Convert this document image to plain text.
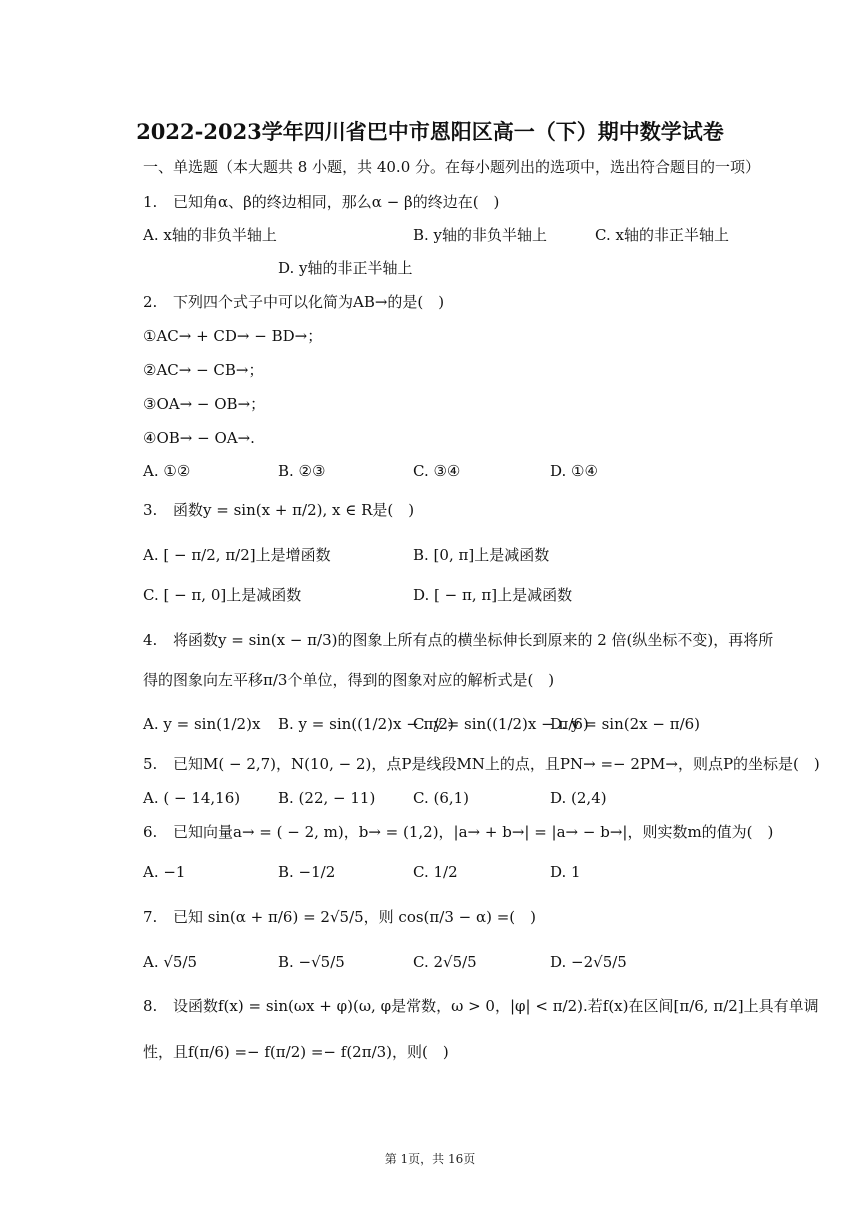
2022-2023学年四川省巴中市恩阳区高一（下）期中数学试卷
一、单选题（本大题共 8 小题，共 40.0 分。在每小题列出的选项中，选出符合题目的一项）
1. 已知角α、β的终边相同，那么α − β的终边在(　)
A. x轴的非负半轴上	B. y轴的非负半轴上	C. x轴的非正半轴上
D. y轴的非正半轴上
2. 下列四个式子中可以化简为AB→的是(　)
①AC→ + CD→ − BD→；
②AC→ − CB→；
③OA→ − OB→；
④OB→ − OA→.
A. ①②	B. ②③	C. ③④	D. ①④
3. 函数y = sin(x + π/2), x ∈ R是(　)
A. [ − π/2, π/2]上是增函数	B. [0, π]上是减函数
C. [ − π, 0]上是减函数	D. [ − π, π]上是减函数
4. 将函数y = sin(x − π/3)的图象上所有点的横坐标伸长到原来的 2 倍(纵坐标不变)，再将所
得的图象向左平移π/3个单位，得到的图象对应的解析式是(　)
A. y = sin(1/2)x B. y = sin((1/2)x − π/2)
C. y = sin((1/2)x − π/6)
D. y = sin(2x − π/6)
5. 已知M( − 2,7)，N(10, − 2)，点P是线段MN上的点，且PN→ =− 2PM→，则点P的坐标是(　)
A. ( − 14,16)	B. (22, − 11)	C. (6,1)	D. (2,4)
6. 已知向量a→ = ( − 2, m)，b→ = (1,2)，|a→ + b→| = |a→ − b→|，则实数m的值为(　)
A. −1	B. −1/2	C. 1/2	D. 1
7. 已知 sin(α + π/6) = 2√5/5，则 cos(π/3 − α) =(　)
A. √5/5	B. −√5/5	C. 2√5/5	D. −2√5/5
8. 设函数f(x) = sin(ωx + φ)(ω, φ是常数，ω > 0，|φ| < π/2).若f(x)在区间[π/6, π/2]上具有单调
性，且f(π/6) =− f(π/2) =− f(2π/3)，则(　)
第 1页，共 16页
